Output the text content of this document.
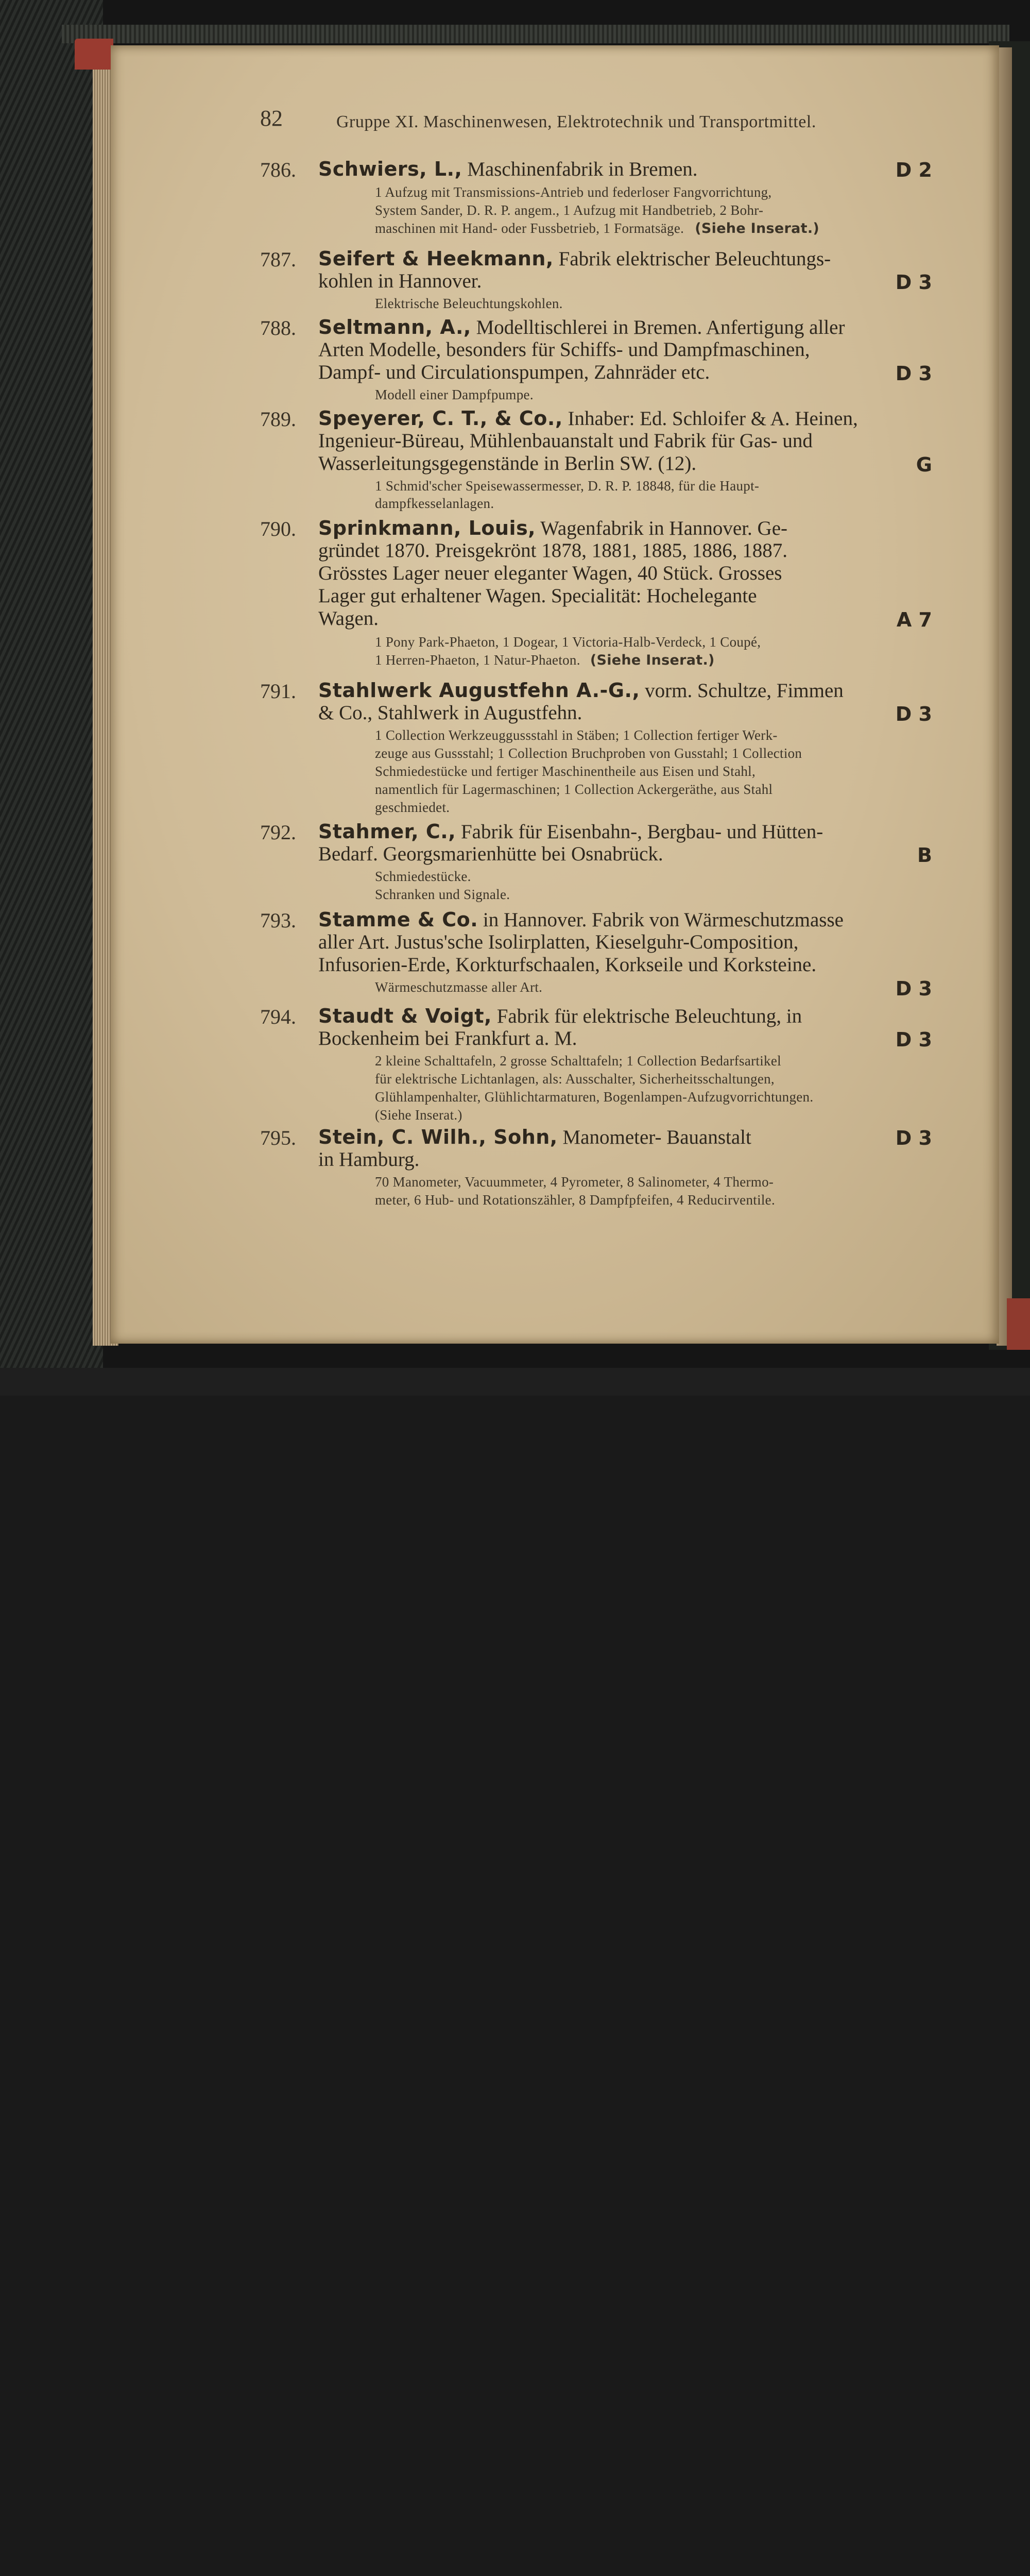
82	Gruppe XI. Maschinenwesen, Elektrotechnik und Transportmittel.
786. Schwiers, L., Maschinenfabrik in Bremen.	D 2
1 Aufzug mit Transmissions-Antrieb und federloser Fangvorrichtung,
System Sander, D. R. P. angem., 1 Aufzug mit Handbetrieb, 2 Bohr-
maschinen mit Hand- oder Fussbetrieb, 1 Formatsäge. (Siehe Inserat.)
787. Seifert & Heekmann, Fabrik elektrischer Beleuchtungs-
kohlen in Hannover.	D 3
Elektrische Beleuchtungskohlen.
788. Seltmann, A., Modelltischlerei in Bremen. Anfertigung aller
Arten Modelle, besonders für Schiffs- und Dampfmaschinen,
Dampf- und Circulationspumpen, Zahnräder etc.	D 3
Modell einer Dampfpumpe.
789. Speyerer, C. T., & Co., Inhaber: Ed. Schloifer & A. Heinen,
Ingenieur-Büreau, Mühlenbauanstalt und Fabrik für Gas- und
Wasserleitungsgegenstände in Berlin SW. (12).	G
1 Schmid'scher Speisewassermesser, D. R. P. 18848, für die Haupt-
dampfkesselanlagen.
790. Sprinkmann, Louis, Wagenfabrik in Hannover. Ge-
gründet 1870. Preisgekrönt 1878, 1881, 1885, 1886, 1887.
Grösstes Lager neuer eleganter Wagen, 40 Stück. Grosses
Lager gut erhaltener Wagen. Specialität: Hochelegante
Wagen.	A 7
1 Pony Park-Phaeton, 1 Dogear, 1 Victoria-Halb-Verdeck, 1 Coupé,
1 Herren-Phaeton, 1 Natur-Phaeton. (Siehe Inserat.)
791. Stahlwerk Augustfehn A.-G., vorm. Schultze, Fimmen
& Co., Stahlwerk in Augustfehn.	D 3
1 Collection Werkzeuggussstahl in Stäben; 1 Collection fertiger Werk-
zeuge aus Gussstahl; 1 Collection Bruchproben von Gusstahl; 1 Collection
Schmiedestücke und fertiger Maschinentheile aus Eisen und Stahl,
namentlich für Lagermaschinen; 1 Collection Ackergeräthe, aus Stahl
geschmiedet.
792. Stahmer, C., Fabrik für Eisenbahn-, Bergbau- und Hütten-
Bedarf. Georgsmarienhütte bei Osnabrück.	B
Schmiedestücke.
Schranken und Signale.
793. Stamme & Co. in Hannover. Fabrik von Wärmeschutzmasse
aller Art. Justus'sche Isolirplatten, Kieselguhr-Composition,
Infusorien-Erde, Korkturfschaalen, Korkseile und Korksteine.
Wärmeschutzmasse aller Art.	D 3
794. Staudt & Voigt, Fabrik für elektrische Beleuchtung, in
Bockenheim bei Frankfurt a. M.	D 3
2 kleine Schalttafeln, 2 grosse Schalttafeln; 1 Collection Bedarfsartikel
für elektrische Lichtanlagen, als: Ausschalter, Sicherheitsschaltungen,
Glühlampenhalter, Glühlichtarmaturen, Bogenlampen-Aufzugvorrichtungen.
(Siehe Inserat.)
795. Stein, C. Wilh., Sohn, Manometer- Bauanstalt	D 3
in Hamburg.
70 Manometer, Vacuummeter, 4 Pyrometer, 8 Salinometer, 4 Thermo-
meter, 6 Hub- und Rotationszähler, 8 Dampfpfeifen, 4 Reducirventile.
